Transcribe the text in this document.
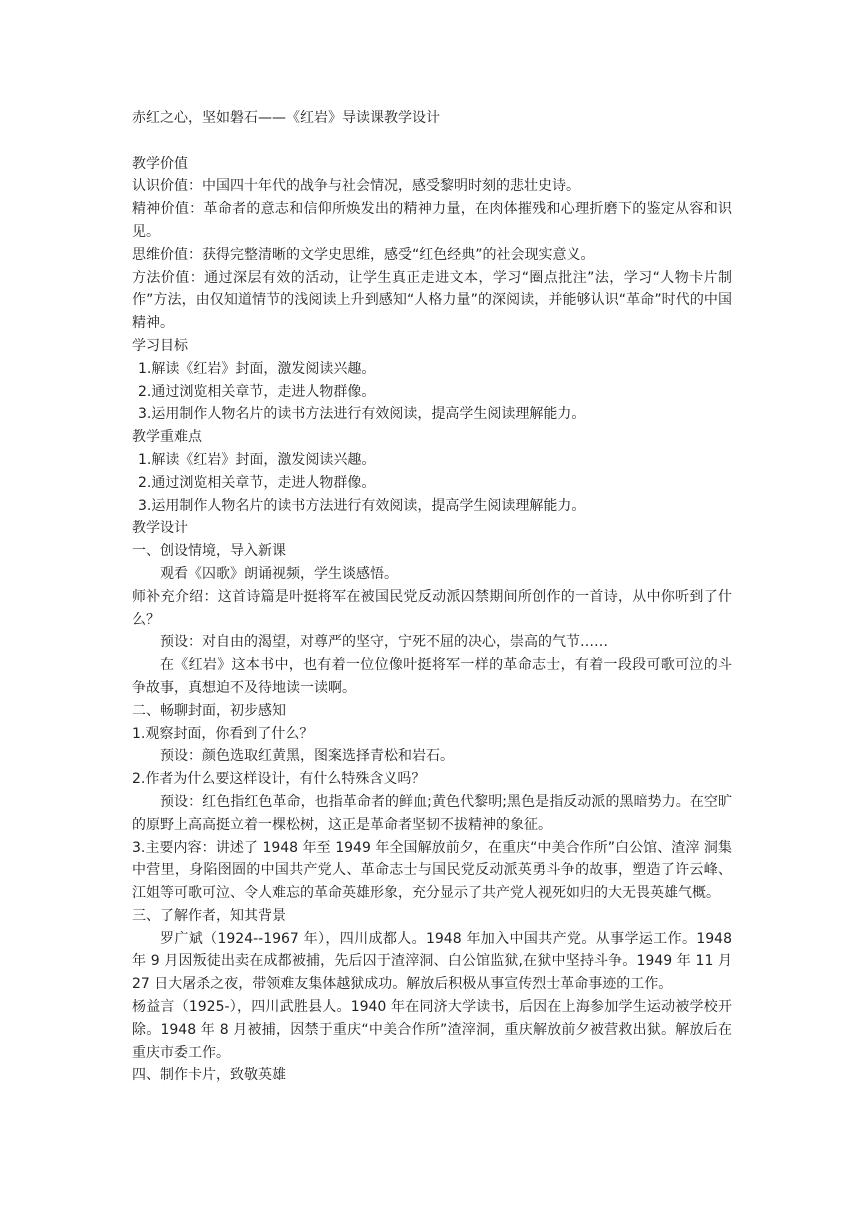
赤红之心，坚如磐石——《红岩》导读课教学设计

教学价值

认识价值：中国四十年代的战争与社会情况，感受黎明时刻的悲壮史诗。

精神价值：革命者的意志和信仰所焕发出的精神力量，在肉体摧残和心理折磨下的鉴定从容和识见。

思维价值：获得完整清晰的文学史思维，感受“红色经典”的社会现实意义。

方法价值：通过深层有效的活动，让学生真正走进文本，学习“圈点批注”法，学习“人物卡片制作”方法，由仅知道情节的浅阅读上升到感知“人格力量”的深阅读，并能够认识“革命”时代的中国精神。

学习目标

1.解读《红岩》封面，激发阅读兴趣。

2.通过浏览相关章节，走进人物群像。

3.运用制作人物名片的读书方法进行有效阅读，提高学生阅读理解能力。

教学重难点

1.解读《红岩》封面，激发阅读兴趣。

2.通过浏览相关章节，走进人物群像。

3.运用制作人物名片的读书方法进行有效阅读，提高学生阅读理解能力。

教学设计

一、创设情境，导入新课

观看《囚歌》朗诵视频，学生谈感悟。

师补充介绍：这首诗篇是叶挺将军在被国民党反动派囚禁期间所创作的一首诗，从中你听到了什么？

预设：对自由的渴望，对尊严的坚守，宁死不屈的决心，崇高的气节……

在《红岩》这本书中，也有着一位位像叶挺将军一样的革命志士，有着一段段可歌可泣的斗争故事，真想迫不及待地读一读啊。

二、畅聊封面，初步感知

1.观察封面，你看到了什么？

预设：颜色选取红黄黑，图案选择青松和岩石。

2.作者为什么要这样设计，有什么特殊含义吗？

预设：红色指红色革命，也指革命者的鲜血;黄色代黎明;黑色是指反动派的黑暗势力。在空旷的原野上高高挺立着一棵松树，这正是革命者坚韧不拔精神的象征。

3.主要内容：讲述了 1948 年至 1949 年全国解放前夕，在重庆“中美合作所”白公馆、渣滓 洞集中营里，身陷囹圄的中国共产党人、革命志士与国民党反动派英勇斗争的故事，塑造了许云峰、江姐等可歌可泣、令人难忘的革命英雄形象，充分显示了共产党人视死如归的大无畏英雄气概。

三、了解作者，知其背景

罗广斌（1924--1967 年），四川成都人。1948 年加入中国共产党。从事学运工作。1948 年 9 月因叛徒出卖在成都被捕，先后囚于渣滓洞、白公馆监狱,在狱中坚持斗争。1949 年 11 月 27 日大屠杀之夜，带领难友集体越狱成功。解放后积极从事宣传烈士革命事迹的工作。

杨益言（1925-），四川武胜县人。1940 年在同济大学读书，后因在上海参加学生运动被学校开除。1948 年 8 月被捕，因禁于重庆“中美合作所”渣滓洞，重庆解放前夕被营救出狱。解放后在重庆市委工作。

四、制作卡片，致敬英雄
